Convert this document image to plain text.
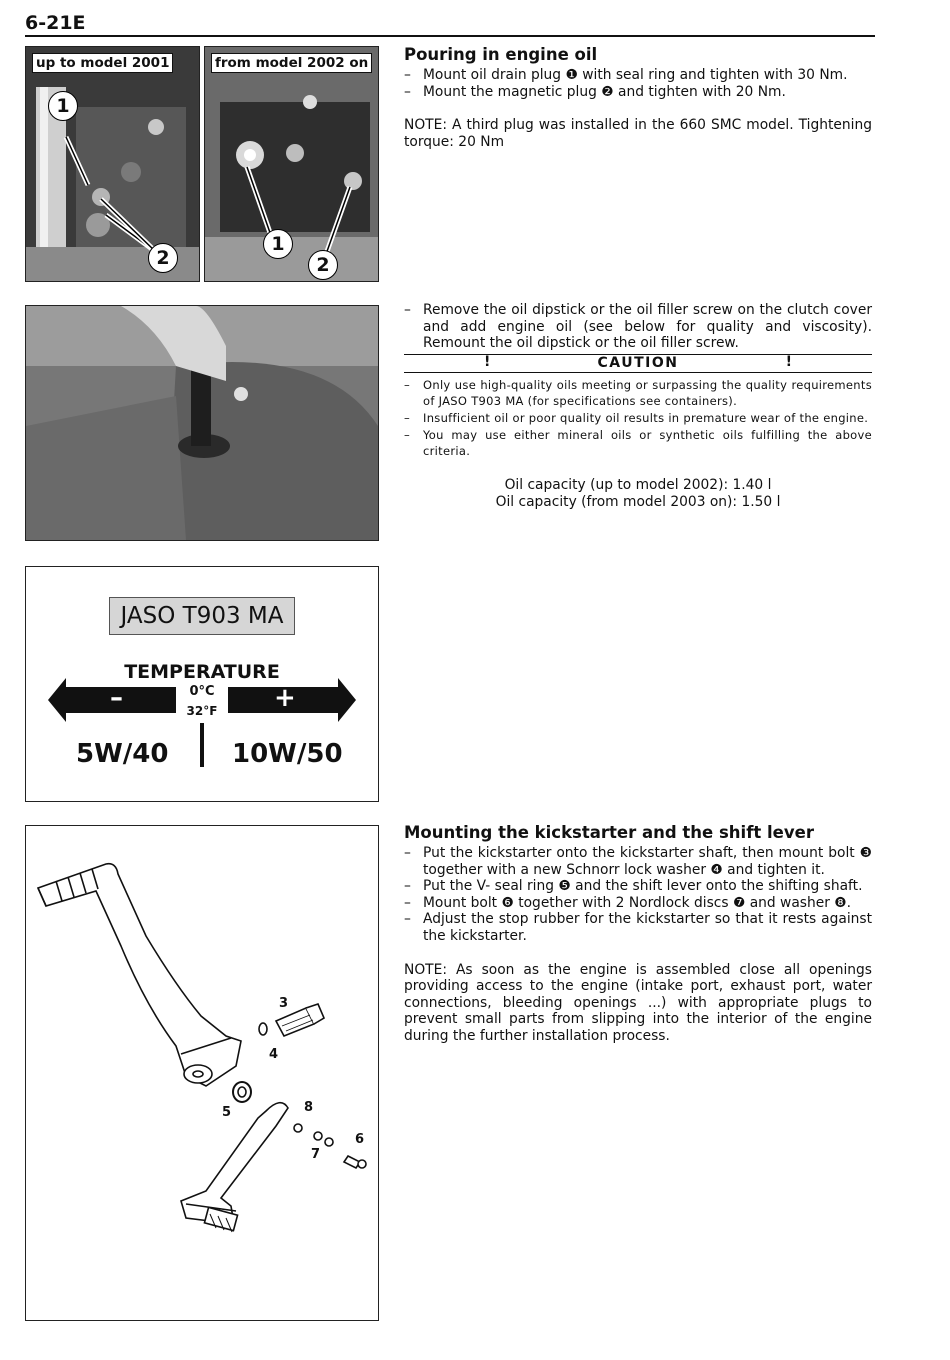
6-21E
up to model 2001
1
2
from model 2002 on
1
2
Pouring in engine oil
– Mount oil drain plug ❶ with seal ring and tighten with 30 Nm.
– Mount the magnetic plug ❷ and tighten with 20 Nm.
NOTE: A third plug was installed in the 660 SMC model. Tightening torque: 20 Nm
– Remove the oil dipstick or the oil filler screw on the clutch cover and add engine oil (see below for quality and viscosity). Remount the oil dipstick or the oil filler screw.
!	CAUTION	!
– Only use high-quality oils meeting or surpassing the quality requirements of JASO T903 MA (for specifications see containers).
– Insufficient oil or poor quality oil results in premature wear of the engine.
– You may use either mineral oils or synthetic oils fulfilling the above criteria.
Oil capacity (up to model 2002): 1.40 l
Oil capacity (from model 2003 on): 1.50 l
JASO T903 MA
TEMPERATURE
–	+
0°C
32°F
5W/40 10W/50
3
4
5	8
7
6
Mounting the kickstarter and the shift lever
– Put the kickstarter onto the kickstarter shaft, then mount bolt ❸ together with a new Schnorr lock washer ❹ and tighten it.
– Put the V- seal ring ❺ and the shift lever onto the shifting shaft.
– Mount bolt ❻ together with 2 Nordlock discs ❼ and washer ❽.
– Adjust the stop rubber for the kickstarter so that it rests against the kickstarter.
NOTE: As soon as the engine is assembled close all openings providing access to the engine (intake port, exhaust port, water connections, bleeding openings ...) with appropriate plugs to prevent small parts from slipping into the interior of the engine during the further installation process.
